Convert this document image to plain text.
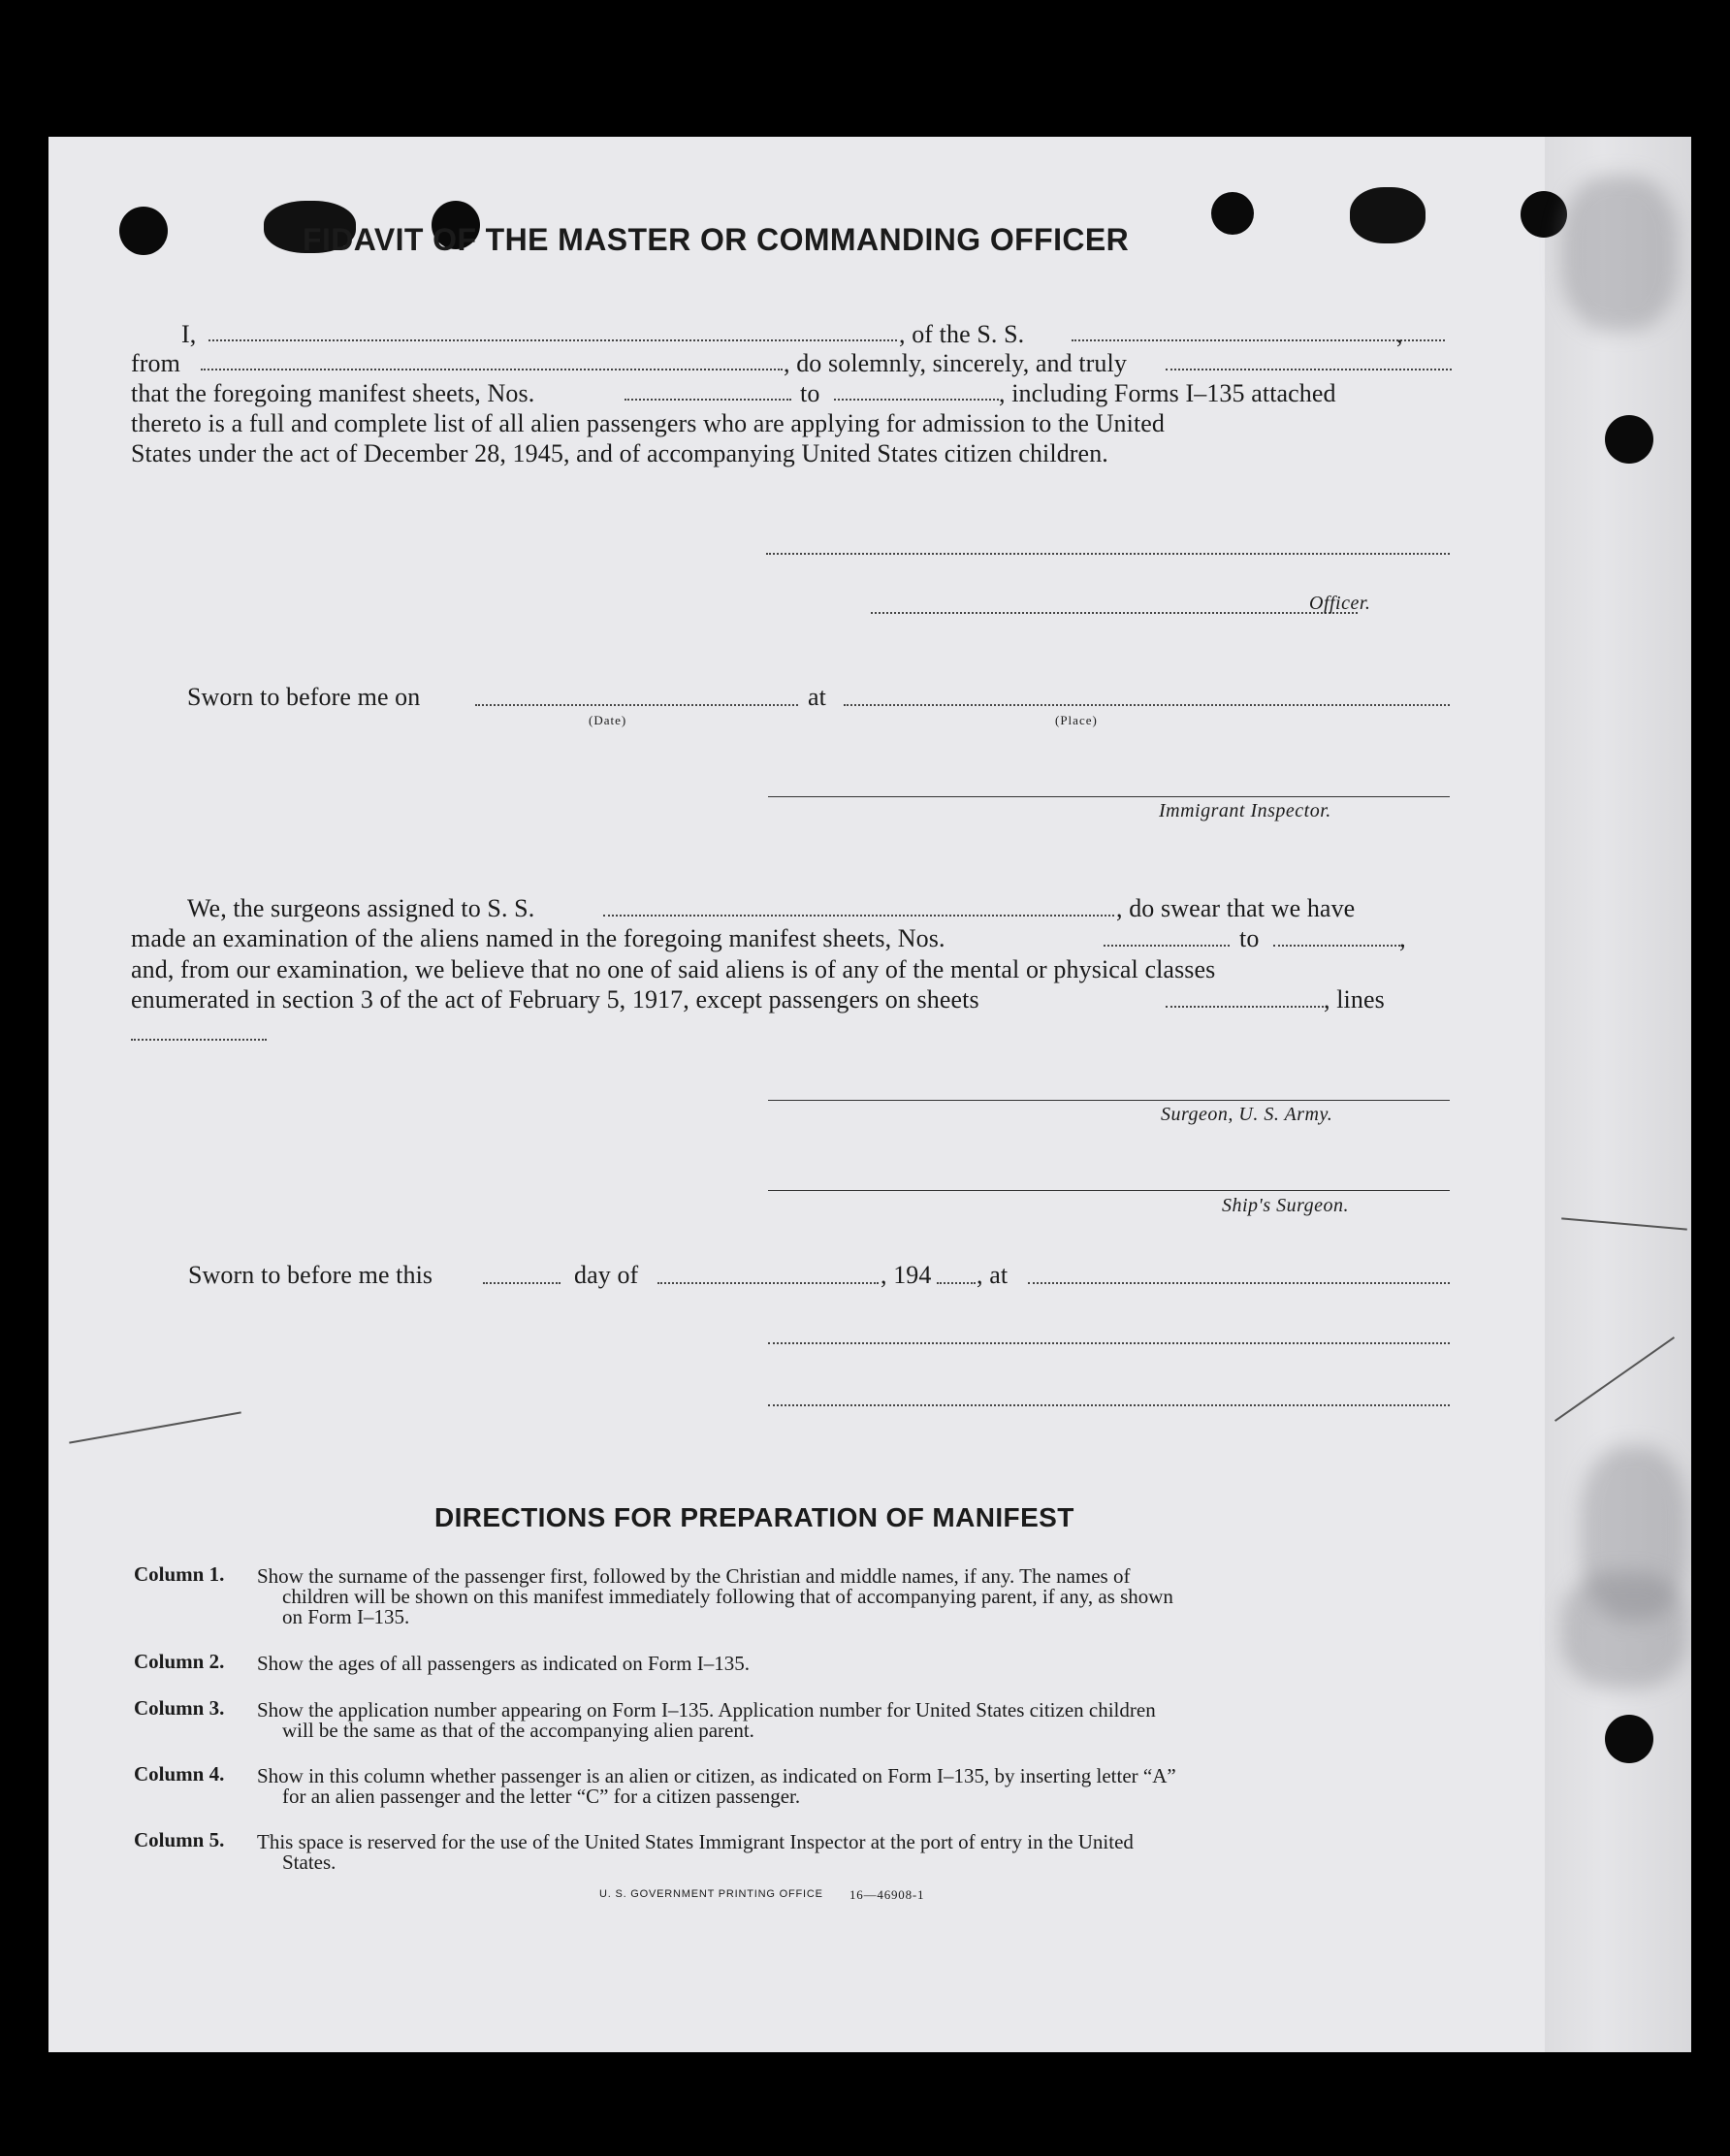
FIDAVIT OF THE MASTER OR COMMANDING OFFICER
I,	, of the S. S.	,
from	, do solemnly, sincerely, and truly
that the foregoing manifest sheets, Nos.	to	, including Forms I–135 attached
thereto is a full and complete list of all alien passengers who are applying for admission to the United
States under the act of December 28, 1945, and of accompanying United States citizen children.
Officer.
Sworn to before me on
(Date)
at
(Place)
Immigrant Inspector.
We, the surgeons assigned to S. S.	, do swear that we have
made an examination of the aliens named in the foregoing manifest sheets, Nos.	to	,
and, from our examination, we believe that no one of said aliens is of any of the mental or physical classes
enumerated in section 3 of the act of February 5, 1917, except passengers on sheets	, lines
Surgeon, U. S. Army.
Ship's Surgeon.
Sworn to before me this	day of	, 194 , at
DIRECTIONS FOR PREPARATION OF MANIFEST
Column 1. Show the surname of the passenger first, followed by the Christian and middle names, if any. The names of
children will be shown on this manifest immediately following that of accompanying parent, if any, as shown
on Form I–135.
Column 2. Show the ages of all passengers as indicated on Form I–135.
Column 3. Show the application number appearing on Form I–135. Application number for United States citizen children
will be the same as that of the accompanying alien parent.
Column 4. Show in this column whether passenger is an alien or citizen, as indicated on Form I–135, by inserting letter “A”
for an alien passenger and the letter “C” for a citizen passenger.
Column 5. This space is reserved for the use of the United States Immigrant Inspector at the port of entry in the United
States.
U. S. GOVERNMENT PRINTING OFFICE 16—46908-1
